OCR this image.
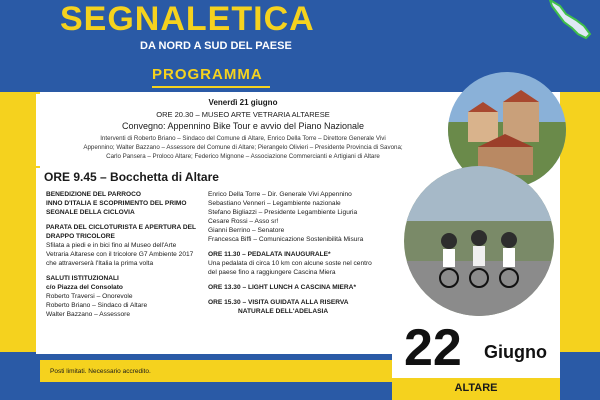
SEGNALETICA
DA NORD A SUD DEL PAESE
PROGRAMMA
Venerdì 21 giugno
ORE 20.30 – MUSEO ARTE VETRARIA ALTARESE
Convegno: Appennino Bike Tour e avvio del Piano Nazionale
Interventi di Roberto Briano – Sindaco del Comune di Altare, Enrico Della Torre – Direttore Generale Vivi
Appennino; Walter Bazzano – Assessore del Comune di Altare; Pierangelo Olivieri – Presidente Provincia di Savona;
Carlo Pansera – Proloco Altare; Federico Mignone – Associazione Commercianti e Artigiani di Altare
ORE 9.45 – Bocchetta di Altare
BENEDIZIONE DEL PARROCO
INNO D'ITALIA E SCOPRIMENTO DEL PRIMO
SEGNALE DELLA CICLOVIA
PARATA DEL CICLOTURISTA E APERTURA DEL
DRAPPO TRICOLORE
Sfilata a piedi e in bici fino al Museo dell'Arte
Vetraria Altarese con il tricolore G7 Ambiente 2017
che attraverserà l'Italia la prima volta
SALUTI ISTITUZIONALI
c/o Piazza del Consolato
Roberto Traversi – Onorevole
Roberto Briano – Sindaco di Altare
Walter Bazzano – Assessore
Enrico Della Torre – Dir. Generale Vivi Appennino
Sebastiano Venneri – Legambiente nazionale
Stefano Bigliazzi – Presidente Legambiente Liguria
Cesare Rossi – Asso sr!
Gianni Berrino – Senatore
Francesca Biffi – Comunicazione Sostenibilità Misura
ORE 11.30 – PEDALATA INAUGURALE*
Una pedalata di circa 10 km con alcune soste nel centro
del paese fino a raggiungere Cascina Miera
ORE 13.30 – LIGHT LUNCH A CASCINA MIERA*
ORE 15.30 – VISITA GUIDATA ALLA RISERVA
NATURALE DELL'ADELASIA
22 Giugno
ALTARE
Posti limitati. Necessario accredito.
